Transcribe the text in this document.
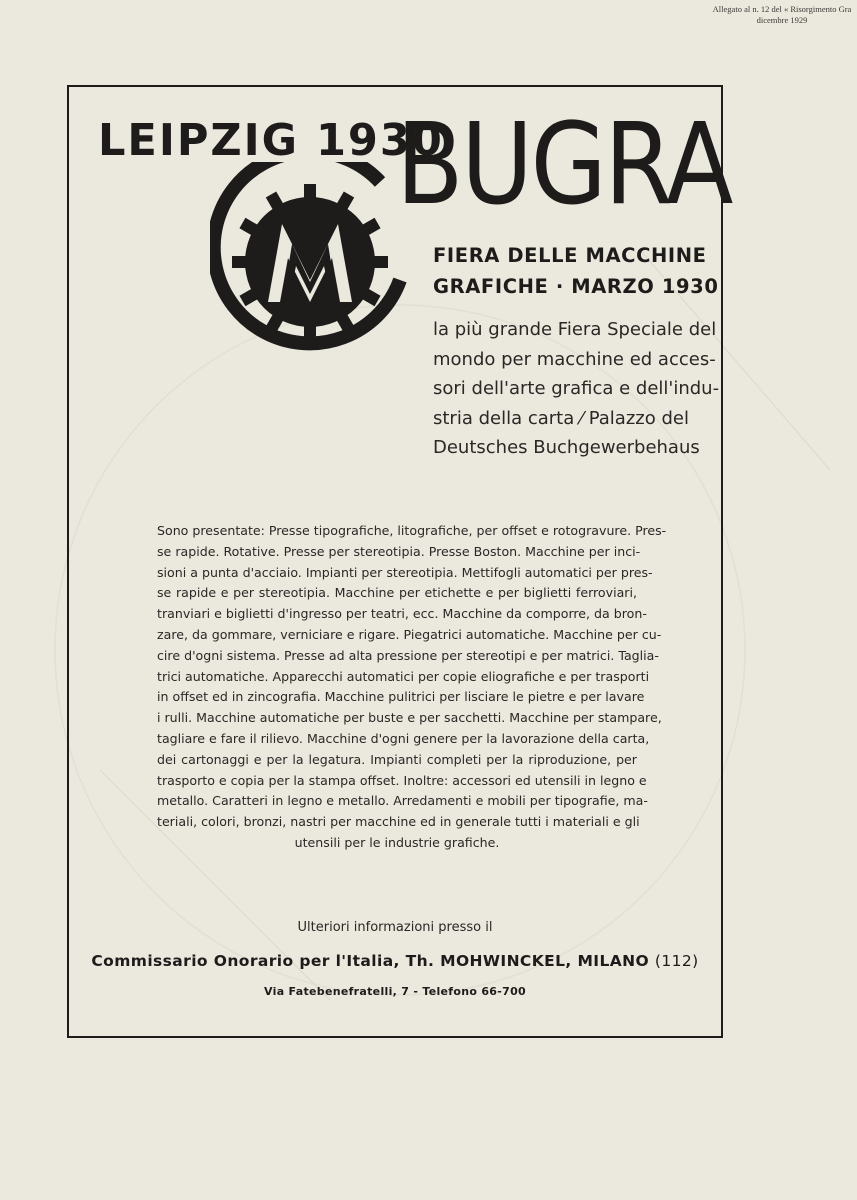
Allegato al n. 12 del « Risorgimento Gra
dicembre 1929
LEIPZIG 1930
BUGRA
FIERA DELLE MACCHINE
GRAFICHE · MARZO 1930
la più grande Fiera Speciale del
mondo per macchine ed acces-
sori dell'arte grafica e dell'indu-
stria della carta ⁄ Palazzo del
Deutsches Buchgewerbehaus
Sono presentate: Presse tipografiche, litografiche, per offset e rotogravure. Pres-
se rapide. Rotative. Presse per stereotipia. Presse Boston. Macchine per inci-
sioni a punta d'acciaio. Impianti per stereotipia. Mettifogli automatici per pres-
se rapide e per stereotipia. Macchine per etichette e per biglietti ferroviari,
tranviari e biglietti d'ingresso per teatri, ecc. Macchine da comporre, da bron-
zare, da gommare, verniciare e rigare. Piegatrici automatiche. Macchine per cu-
cire d'ogni sistema. Presse ad alta pressione per stereotipi e per matrici. Taglia-
trici automatiche. Apparecchi automatici per copie eliografiche e per trasporti
in offset ed in zincografia. Macchine pulitrici per lisciare le pietre e per lavare
i rulli. Macchine automatiche per buste e per sacchetti. Macchine per stampare,
tagliare e fare il rilievo. Macchine d'ogni genere per la lavorazione della carta,
dei cartonaggi e per la legatura. Impianti completi per la riproduzione, per
trasporto e copia per la stampa offset. Inoltre: accessori ed utensili in legno e
metallo. Caratteri in legno e metallo. Arredamenti e mobili per tipografie, ma-
teriali, colori, bronzi, nastri per macchine ed in generale tutti i materiali e gli
utensili per le industrie grafiche.
Ulteriori informazioni presso il
Commissario Onorario per l'Italia, Th. MOHWINCKEL, MILANO (112)
Via Fatebenefratelli, 7 - Telefono 66-700
